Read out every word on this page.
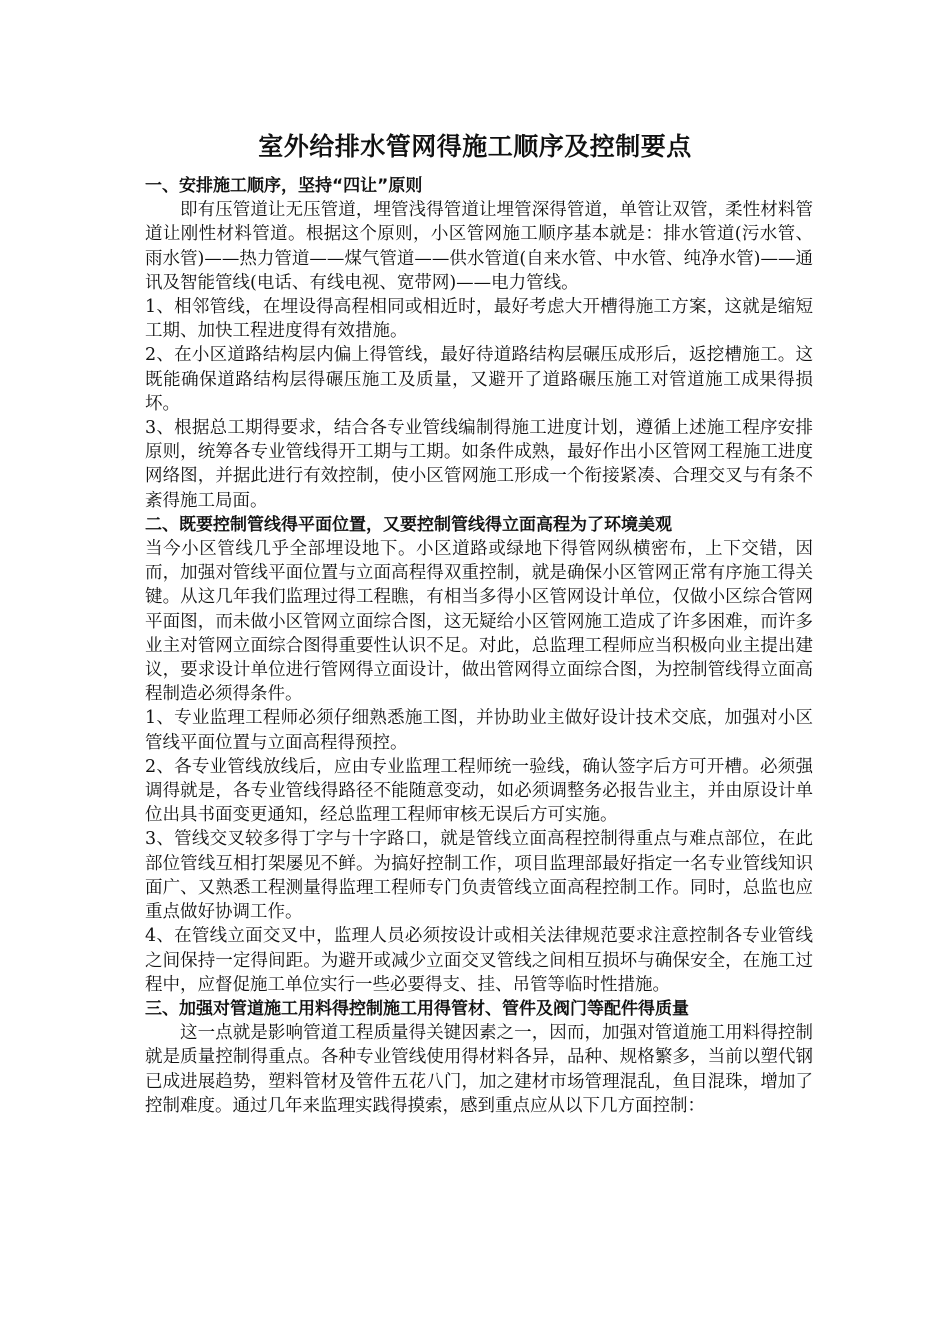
室外给排水管网得施工顺序及控制要点

一、安排施工顺序，坚持“四让”原则

即有压管道让无压管道，埋管浅得管道让埋管深得管道，单管让双管，柔性材料管道让刚性材料管道。根据这个原则，小区管网施工顺序基本就是：排水管道(污水管、雨水管)——热力管道——煤气管道——供水管道(自来水管、中水管、纯净水管)——通讯及智能管线(电话、有线电视、宽带网)——电力管线。

1、相邻管线，在埋设得高程相同或相近时，最好考虑大开槽得施工方案，这就是缩短工期、加快工程进度得有效措施。

2、在小区道路结构层内偏上得管线，最好待道路结构层碾压成形后，返挖槽施工。这既能确保道路结构层得碾压施工及质量，又避开了道路碾压施工对管道施工成果得损坏。

3、根据总工期得要求，结合各专业管线编制得施工进度计划，遵循上述施工程序安排原则，统筹各专业管线得开工期与工期。如条件成熟，最好作出小区管网工程施工进度网络图，并据此进行有效控制，使小区管网施工形成一个衔接紧凑、合理交叉与有条不紊得施工局面。

二、既要控制管线得平面位置，又要控制管线得立面高程为了环境美观

当今小区管线几乎全部埋设地下。小区道路或绿地下得管网纵横密布，上下交错，因而，加强对管线平面位置与立面高程得双重控制，就是确保小区管网正常有序施工得关键。从这几年我们监理过得工程瞧，有相当多得小区管网设计单位，仅做小区综合管网平面图，而未做小区管网立面综合图，这无疑给小区管网施工造成了许多困难，而许多业主对管网立面综合图得重要性认识不足。对此，总监理工程师应当积极向业主提出建议，要求设计单位进行管网得立面设计，做出管网得立面综合图，为控制管线得立面高程制造必须得条件。

1、专业监理工程师必须仔细熟悉施工图，并协助业主做好设计技术交底，加强对小区管线平面位置与立面高程得预控。

2、各专业管线放线后，应由专业监理工程师统一验线，确认签字后方可开槽。必须强调得就是，各专业管线得路径不能随意变动，如必须调整务必报告业主，并由原设计单位出具书面变更通知，经总监理工程师审核无误后方可实施。

3、管线交叉较多得丁字与十字路口，就是管线立面高程控制得重点与难点部位，在此部位管线互相打架屡见不鲜。为搞好控制工作，项目监理部最好指定一名专业管线知识面广、又熟悉工程测量得监理工程师专门负责管线立面高程控制工作。同时，总监也应重点做好协调工作。

4、在管线立面交叉中，监理人员必须按设计或相关法律规范要求注意控制各专业管线之间保持一定得间距。为避开或减少立面交叉管线之间相互损坏与确保安全，在施工过程中，应督促施工单位实行一些必要得支、挂、吊管等临时性措施。

三、加强对管道施工用料得控制施工用得管材、管件及阀门等配件得质量

这一点就是影响管道工程质量得关键因素之一，因而，加强对管道施工用料得控制就是质量控制得重点。各种专业管线使用得材料各异，品种、规格繁多，当前以塑代钢已成进展趋势，塑料管材及管件五花八门，加之建材市场管理混乱，鱼目混珠，增加了控制难度。通过几年来监理实践得摸索，感到重点应从以下几方面控制：
